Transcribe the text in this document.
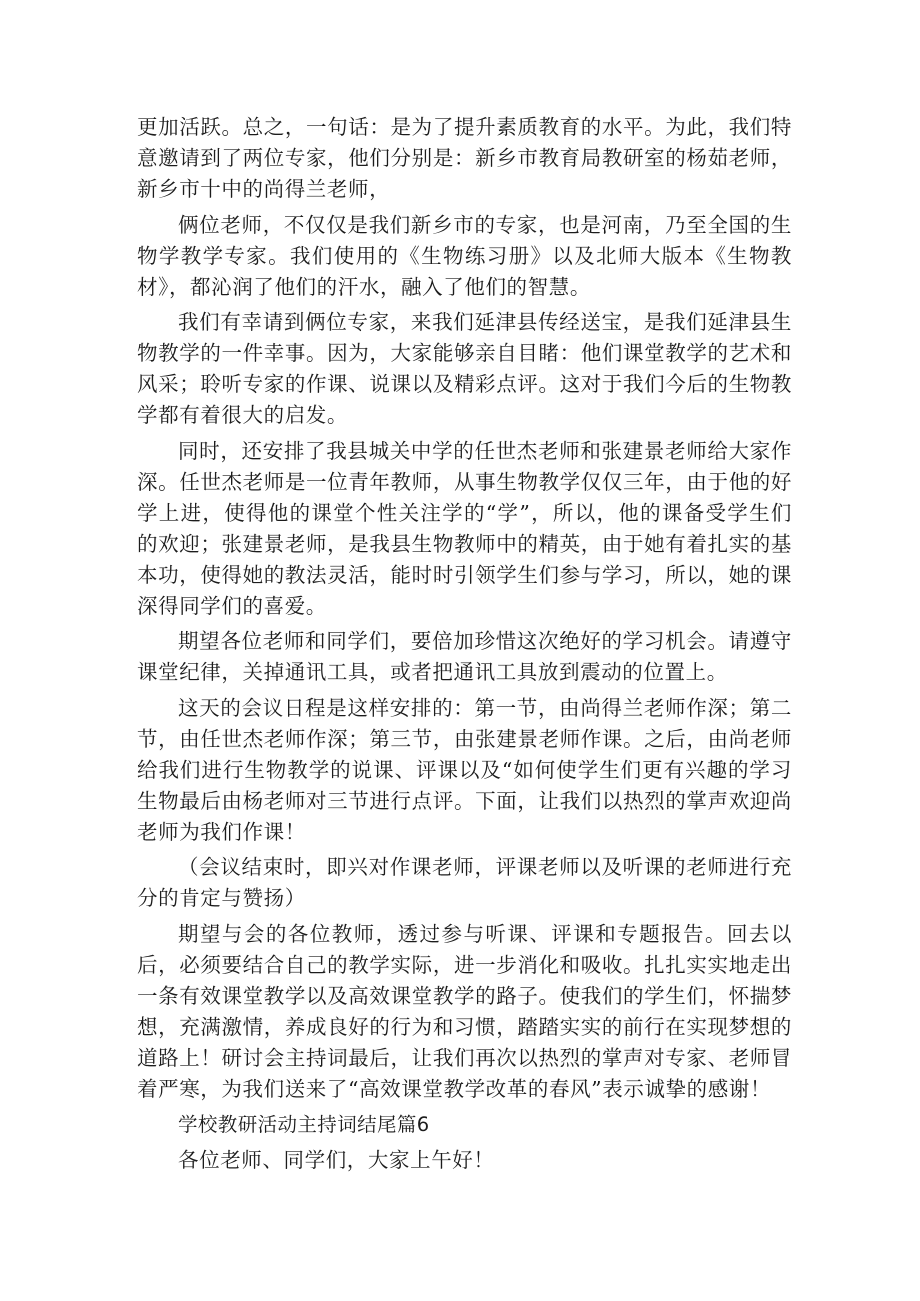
更加活跃。总之，一句话：是为了提升素质教育的水平。为此，我们特意邀请到了两位专家，他们分别是：新乡市教育局教研室的杨茹老师，新乡市十中的尚得兰老师，

俩位老师，不仅仅是我们新乡市的专家，也是河南，乃至全国的生物学教学专家。我们使用的《生物练习册》以及北师大版本《生物教材》，都沁润了他们的汗水，融入了他们的智慧。

我们有幸请到俩位专家，来我们延津县传经送宝，是我们延津县生物教学的一件幸事。因为，大家能够亲自目睹：他们课堂教学的艺术和风采；聆听专家的作课、说课以及精彩点评。这对于我们今后的生物教学都有着很大的启发。

同时，还安排了我县城关中学的任世杰老师和张建景老师给大家作深。任世杰老师是一位青年教师，从事生物教学仅仅三年，由于他的好学上进，使得他的课堂个性关注学的“学”，所以，他的课备受学生们的欢迎；张建景老师，是我县生物教师中的精英，由于她有着扎实的基本功，使得她的教法灵活，能时时引领学生们参与学习，所以，她的课深得同学们的喜爱。

期望各位老师和同学们，要倍加珍惜这次绝好的学习机会。请遵守课堂纪律，关掉通讯工具，或者把通讯工具放到震动的位置上。

这天的会议日程是这样安排的：第一节，由尚得兰老师作深；第二节，由任世杰老师作深；第三节，由张建景老师作课。之后，由尚老师给我们进行生物教学的说课、评课以及“如何使学生们更有兴趣的学习生物最后由杨老师对三节进行点评。下面，让我们以热烈的掌声欢迎尚老师为我们作课！

（会议结束时，即兴对作课老师，评课老师以及听课的老师进行充分的肯定与赞扬）

期望与会的各位教师，透过参与听课、评课和专题报告。回去以后，必须要结合自己的教学实际，进一步消化和吸收。扎扎实实地走出一条有效课堂教学以及高效课堂教学的路子。使我们的学生们，怀揣梦想，充满激情，养成良好的行为和习惯，踏踏实实的前行在实现梦想的道路上！研讨会主持词最后，让我们再次以热烈的掌声对专家、老师冒着严寒，为我们送来了“高效课堂教学改革的春风”表示诚挚的感谢！

学校教研活动主持词结尾篇6

各位老师、同学们，大家上午好！
